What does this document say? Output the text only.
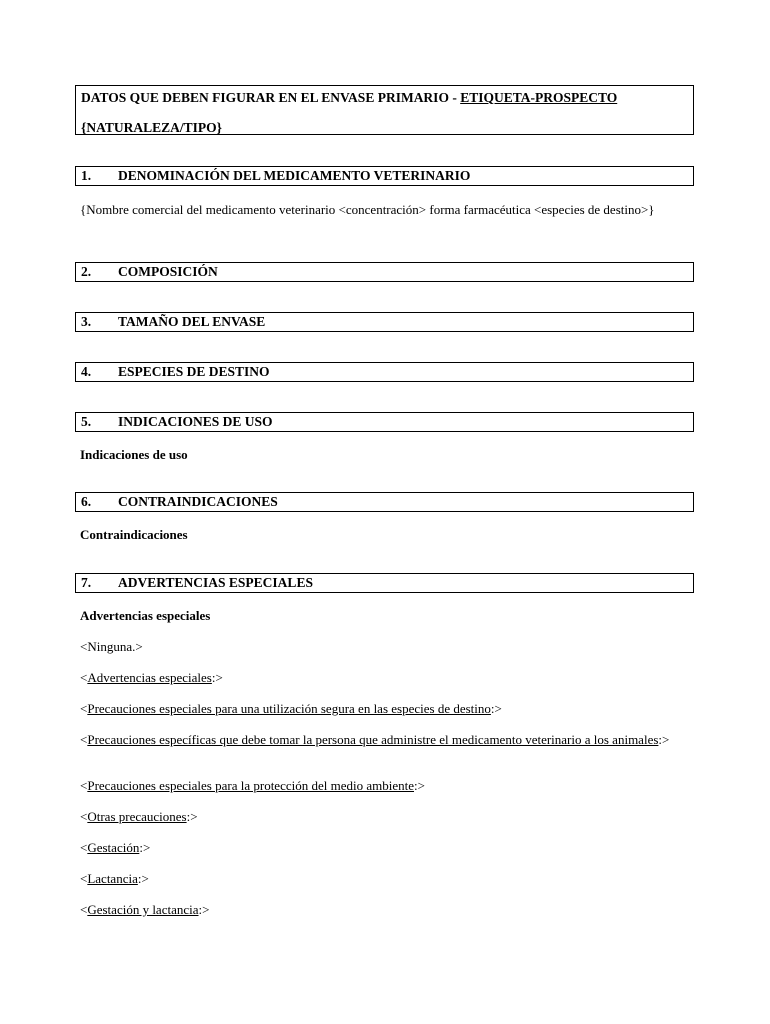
DATOS QUE DEBEN FIGURAR EN EL ENVASE PRIMARIO - ETIQUETA-PROSPECTO
{NATURALEZA/TIPO}
1. DENOMINACIÓN DEL MEDICAMENTO VETERINARIO
{Nombre comercial del medicamento veterinario <concentración> forma farmacéutica <especies de destino>}
2. COMPOSICIÓN
3. TAMAÑO DEL ENVASE
4. ESPECIES DE DESTINO
5. INDICACIONES DE USO
Indicaciones de uso
6. CONTRAINDICACIONES
Contraindicaciones
7. ADVERTENCIAS ESPECIALES
Advertencias especiales
<Ninguna.>
<Advertencias especiales:>
<Precauciones especiales para una utilización segura en las especies de destino:>
<Precauciones específicas que debe tomar la persona que administre el medicamento veterinario a los animales:>
<Precauciones especiales para la protección del medio ambiente:>
<Otras precauciones:>
<Gestación:>
<Lactancia:>
<Gestación y lactancia:>
